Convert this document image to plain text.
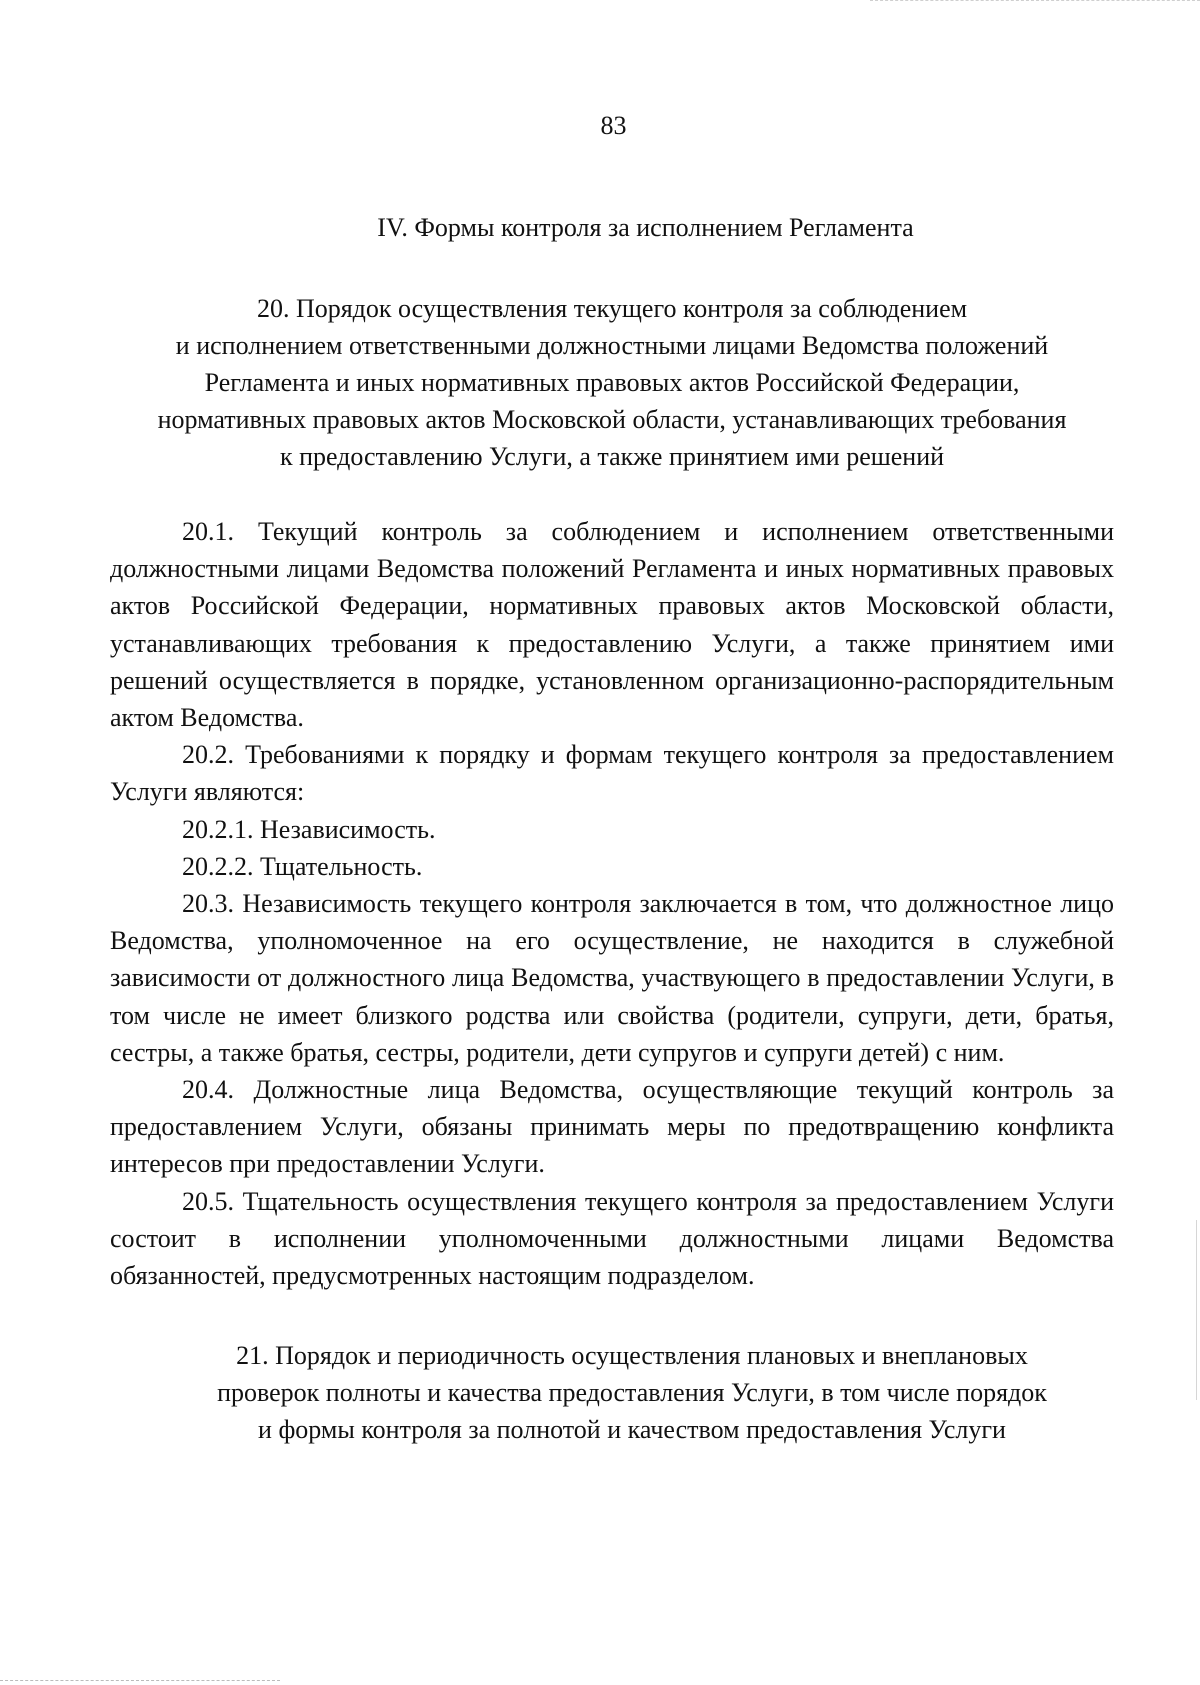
83
IV. Формы контроля за исполнением Регламента
20. Порядок осуществления текущего контроля за соблюдением
и исполнением ответственными должностными лицами Ведомства положений
Регламента и иных нормативных правовых актов Российской Федерации,
нормативных правовых актов Московской области, устанавливающих требования
к предоставлению Услуги, а также принятием ими решений

20.1. Текущий контроль за соблюдением и исполнением ответственными должностными лицами Ведомства положений Регламента и иных нормативных правовых актов Российской Федерации, нормативных правовых актов Московской области, устанавливающих требования к предоставлению Услуги, а также принятием ими решений осуществляется в порядке, установленном организационно-распорядительным актом Ведомства.

20.2. Требованиями к порядку и формам текущего контроля за предоставлением Услуги являются:

20.2.1. Независимость.

20.2.2. Тщательность.

20.3. Независимость текущего контроля заключается в том, что должностное лицо Ведомства, уполномоченное на его осуществление, не находится в служебной зависимости от должностного лица Ведомства, участвующего в предоставлении Услуги, в том числе не имеет близкого родства или свойства (родители, супруги, дети, братья, сестры, а также братья, сестры, родители, дети супругов и супруги детей) с ним.

20.4. Должностные лица Ведомства, осуществляющие текущий контроль за предоставлением Услуги, обязаны принимать меры по предотвращению конфликта интересов при предоставлении Услуги.

20.5. Тщательность осуществления текущего контроля за предоставлением Услуги состоит в исполнении уполномоченными должностными лицами Ведомства обязанностей, предусмотренных настоящим подразделом.

21. Порядок и периодичность осуществления плановых и внеплановых
проверок полноты и качества предоставления Услуги, в том числе порядок
и формы контроля за полнотой и качеством предоставления Услуги
